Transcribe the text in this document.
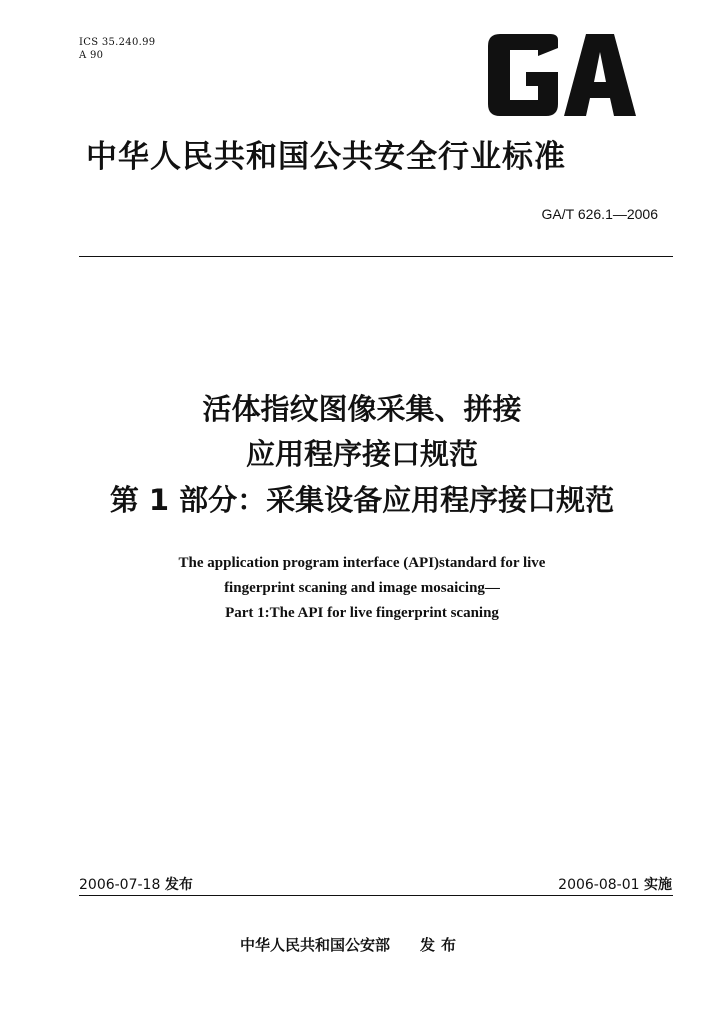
ICS 35.240.99
A 90
中华人民共和国公共安全行业标准
GA/T 626.1—2006
活体指纹图像采集、拼接
应用程序接口规范
第 1 部分：采集设备应用程序接口规范
The application program interface (API)standard for live
fingerprint scaning and image mosaicing—
Part 1:The API for live fingerprint scaning
2006-07-18 发布	2006-08-01 实施
中华人民共和国公安部 发布
